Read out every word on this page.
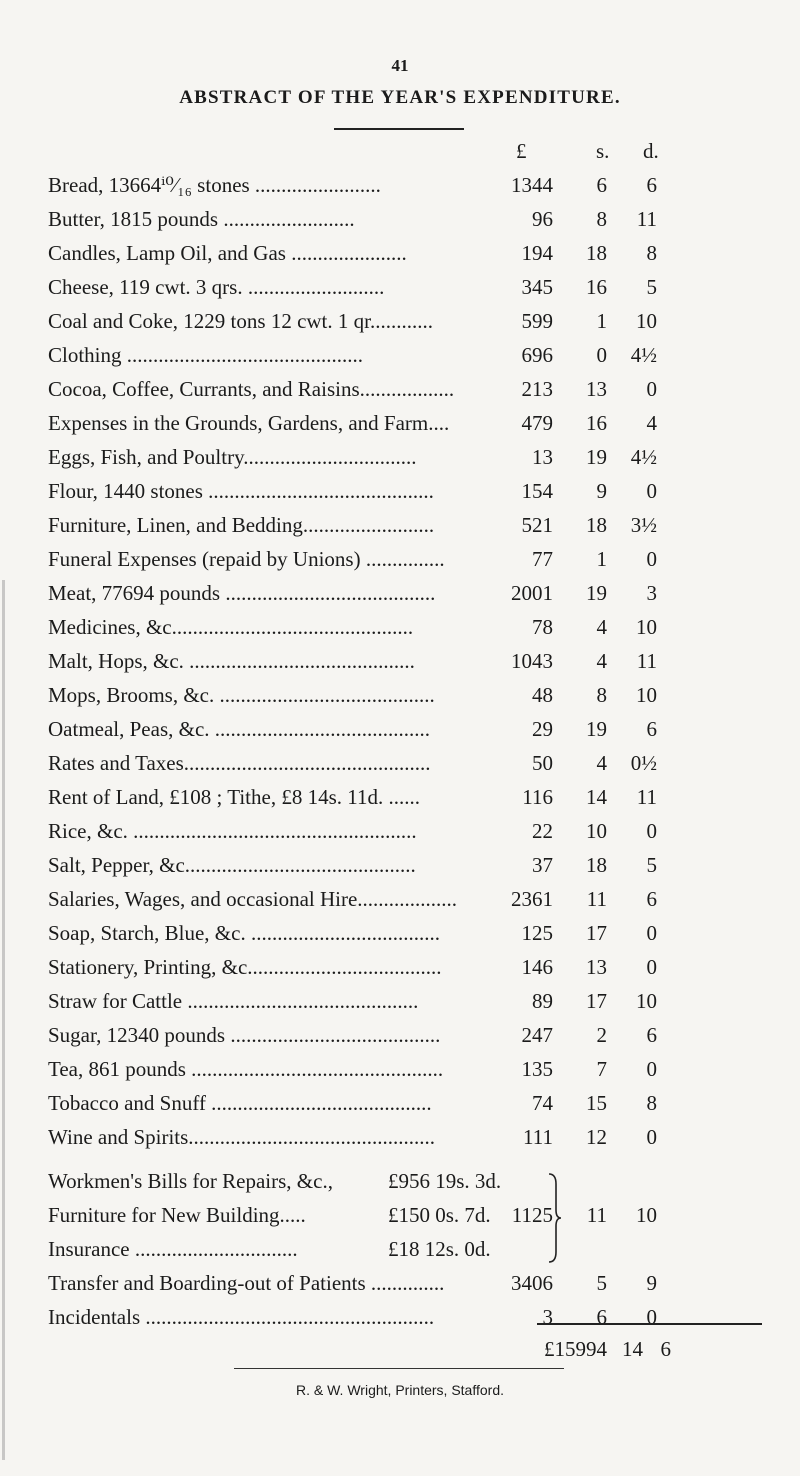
41
ABSTRACT OF THE YEAR'S EXPENDITURE.
£	s. d.
Bread, 13664ⁱ⁰⁄₁₆ stones ........................	1344 6 6
Butter, 1815 pounds .........................	96 8 11
Candles, Lamp Oil, and Gas ......................	194 18 8
Cheese, 119 cwt. 3 qrs. ..........................	345 16 5
Coal and Coke, 1229 tons 12 cwt. 1 qr............	599 1 10
Clothing .............................................	696 0 4½
Cocoa, Coffee, Currants, and Raisins..................	213 13 0
Expenses in the Grounds, Gardens, and Farm....	479 16 4
Eggs, Fish, and Poultry.................................	13 19 4½
Flour, 1440 stones ...........................................	154 9 0
Furniture, Linen, and Bedding.........................	521 18 3½
Funeral Expenses (repaid by Unions) ...............	77 1 0
Meat, 77694 pounds ........................................	2001 19 3
Medicines, &c..............................................	78 4 10
Malt, Hops, &c. ...........................................	1043 4 11
Mops, Brooms, &c. .........................................	48 8 10
Oatmeal, Peas, &c. .........................................	29 19 6
Rates and Taxes...............................................	50 4 0½
Rent of Land, £108 ; Tithe, £8 14s. 11d. ......	116 14 11
Rice, &c. ......................................................	22 10 0
Salt, Pepper, &c............................................	37 18 5
Salaries, Wages, and occasional Hire...................	2361 11 6
Soap, Starch, Blue, &c. ....................................	125 17 0
Stationery, Printing, &c.....................................	146 13 0
Straw for Cattle ............................................	89 17 10
Sugar, 12340 pounds ........................................	247 2 6
Tea, 861 pounds ................................................	135 7 0
Tobacco and Snuff ..........................................	74 15 8
Wine and Spirits...............................................	111 12 0
Workmen's Bills for Repairs, &c.,	£956 19s. 3d.
Furniture for New Building.....	£150 0s. 7d.
Insurance ...............................	£18 12s. 0d.
1125 11 10
Transfer and Boarding-out of Patients ..............	3406 5 9
Incidentals .......................................................	3 6 0
£15994 14 6
R. & W. Wright, Printers, Stafford.
